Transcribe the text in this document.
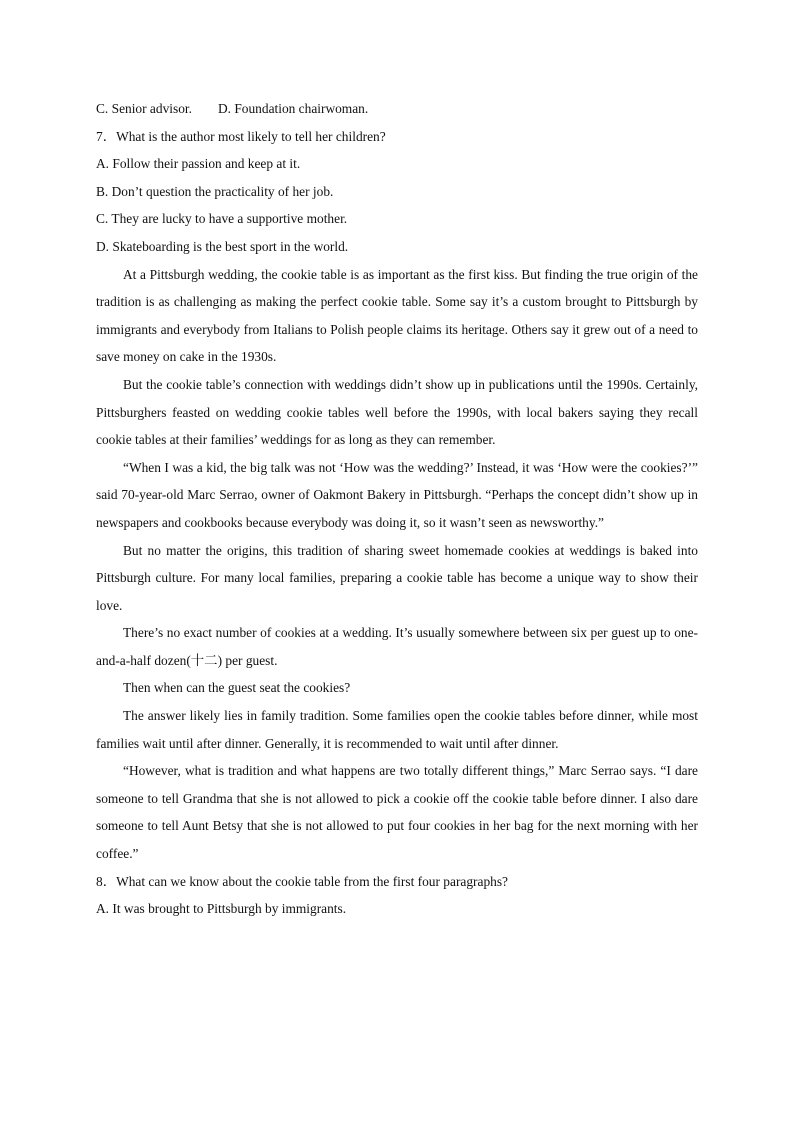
C. Senior advisor. D. Foundation chairwoman.
7．What is the author most likely to tell her children?
A. Follow their passion and keep at it.
B. Don’t question the practicality of her job.
C. They are lucky to have a supportive mother.
D. Skateboarding is the best sport in the world.

At a Pittsburgh wedding, the cookie table is as important as the first kiss. But finding the true origin of the tradition is as challenging as making the perfect cookie table. Some say it’s a custom brought to Pittsburgh by immigrants and everybody from Italians to Polish people claims its heritage. Others say it grew out of a need to save money on cake in the 1930s.

But the cookie table’s connection with weddings didn’t show up in publications until the 1990s. Certainly, Pittsburghers feasted on wedding cookie tables well before the 1990s, with local bakers saying they recall cookie tables at their families’ weddings for as long as they can remember.

“When I was a kid, the big talk was not ‘How was the wedding?’ Instead, it was ‘How were the cookies?’” said 70-year-old Marc Serrao, owner of Oakmont Bakery in Pittsburgh. “Perhaps the concept didn’t show up in newspapers and cookbooks because everybody was doing it, so it wasn’t seen as newsworthy.”

But no matter the origins, this tradition of sharing sweet homemade cookies at weddings is baked into Pittsburgh culture. For many local families, preparing a cookie table has become a unique way to show their love.

There’s no exact number of cookies at a wedding. It’s usually somewhere between six per guest up to one-and-a-half dozen(十二) per guest.

Then when can the guest seat the cookies?

The answer likely lies in family tradition. Some families open the cookie tables before dinner, while most families wait until after dinner. Generally, it is recommended to wait until after dinner.

“However, what is tradition and what happens are two totally different things,” Marc Serrao says. “I dare someone to tell Grandma that she is not allowed to pick a cookie off the cookie table before dinner. I also dare someone to tell Aunt Betsy that she is not allowed to put four cookies in her bag for the next morning with her coffee.”

8．What can we know about the cookie table from the first four paragraphs?
A. It was brought to Pittsburgh by immigrants.
